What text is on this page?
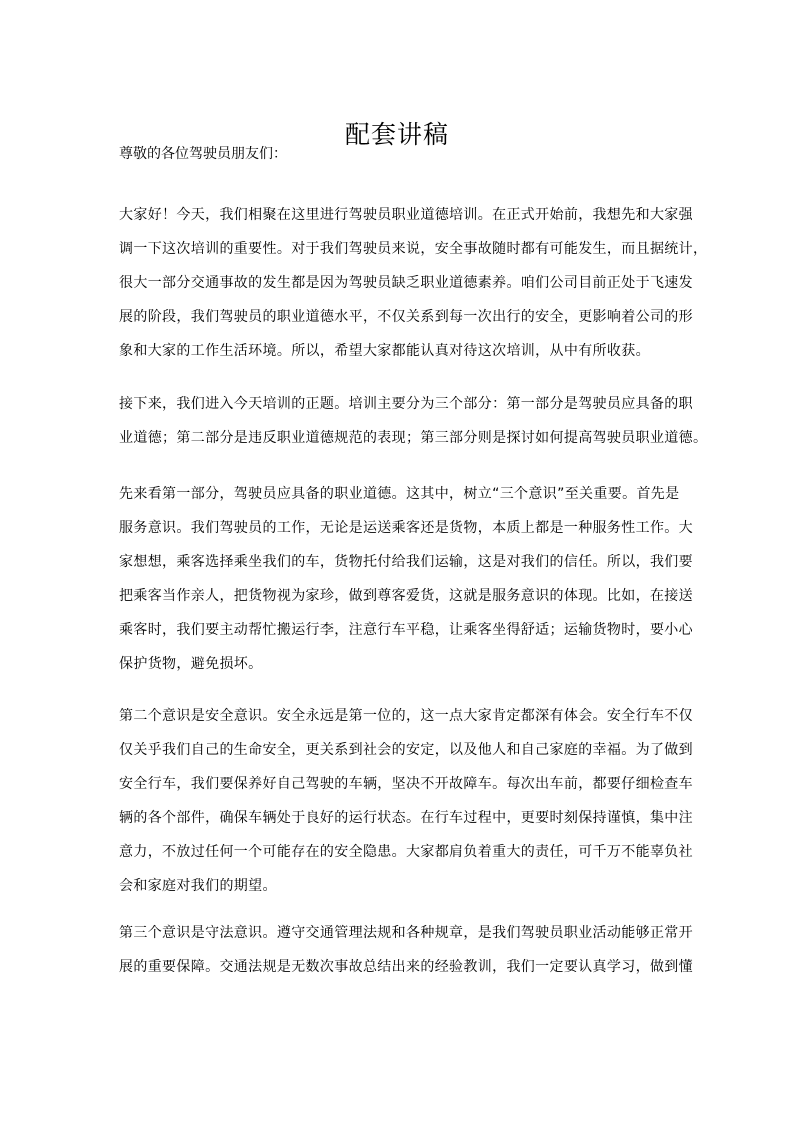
配套讲稿
尊敬的各位驾驶员朋友们：
大家好！今天，我们相聚在这里进行驾驶员职业道德培训。在正式开始前，我想先和大家强
调一下这次培训的重要性。对于我们驾驶员来说，安全事故随时都有可能发生，而且据统计，
很大一部分交通事故的发生都是因为驾驶员缺乏职业道德素养。咱们公司目前正处于飞速发
展的阶段，我们驾驶员的职业道德水平，不仅关系到每一次出行的安全，更影响着公司的形
象和大家的工作生活环境。所以，希望大家都能认真对待这次培训，从中有所收获。
接下来，我们进入今天培训的正题。培训主要分为三个部分：第一部分是驾驶员应具备的职
业道德；第二部分是违反职业道德规范的表现；第三部分则是探讨如何提高驾驶员职业道德。
先来看第一部分，驾驶员应具备的职业道德。这其中，树立“三个意识”至关重要。首先是
服务意识。我们驾驶员的工作，无论是运送乘客还是货物，本质上都是一种服务性工作。大
家想想，乘客选择乘坐我们的车，货物托付给我们运输，这是对我们的信任。所以，我们要
把乘客当作亲人，把货物视为家珍，做到尊客爱货，这就是服务意识的体现。比如，在接送
乘客时，我们要主动帮忙搬运行李，注意行车平稳，让乘客坐得舒适；运输货物时，要小心
保护货物，避免损坏。
第二个意识是安全意识。安全永远是第一位的，这一点大家肯定都深有体会。安全行车不仅
仅关乎我们自己的生命安全，更关系到社会的安定，以及他人和自己家庭的幸福。为了做到
安全行车，我们要保养好自己驾驶的车辆，坚决不开故障车。每次出车前，都要仔细检查车
辆的各个部件，确保车辆处于良好的运行状态。在行车过程中，更要时刻保持谨慎，集中注
意力，不放过任何一个可能存在的安全隐患。大家都肩负着重大的责任，可千万不能辜负社
会和家庭对我们的期望。
第三个意识是守法意识。遵守交通管理法规和各种规章，是我们驾驶员职业活动能够正常开
展的重要保障。交通法规是无数次事故总结出来的经验教训，我们一定要认真学习，做到懂
